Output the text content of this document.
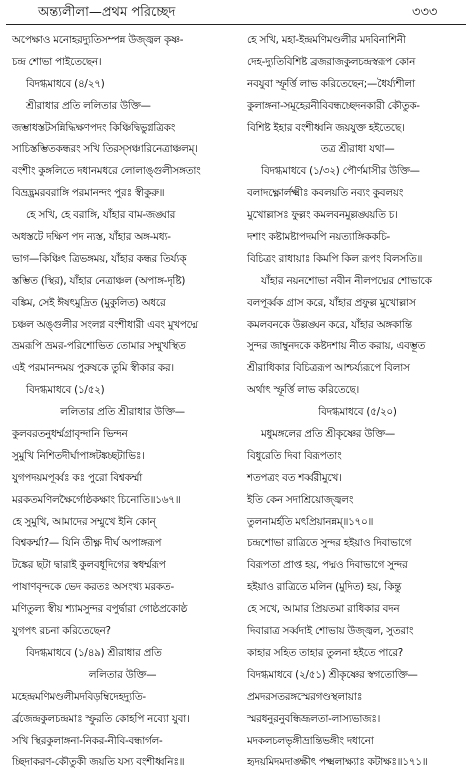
অন্ত্যলীলা—প্রথম পরিচ্ছেদ	৩৩৩
অপেক্ষাও মনোহরদ্যুতিসম্পন্ন উজ্জ্বল কৃষ্ণ-
চন্দ্র শোভা পাইতেছেন।
বিদগ্ধমাধবে (৪/২৭)
শ্রীরাধার প্রতি ললিতার উক্তি—
জম্ভাধস্তটসন্নিদ্ধিক্ষণপদং কিঞ্চিদ্বিভুগ্নত্রিকং
সাচিস্তম্ভিতকন্ধরং সখি তিরস্সঞ্চারিনেত্রাঞ্চলম্।
বংশীং কুঙ্গলিতে দধানমধরে লোলাঙ্গুলীসঙ্গতাং
বিভ্রদ্ভ্রমরবরাঙ্গি পরমানন্দং পুরঃ স্বীকুরু॥
হে সখি, হে বরাঙ্গি, যাঁহার বাম-জঙ্ঘার
অধস্তটে দক্ষিণ পদ ন্যস্ত, যাঁহার অঙ্গ-মধ্য-
ভাগ—কিঞ্চিৎ ত্রিভঙ্গময়, যাঁহার কন্ধর তির্য্যক্
স্তম্ভিত (স্থির), যাঁহার নেত্রাঞ্চল (অপাঙ্গ-দৃষ্টি)
বঙ্কিম, সেই ঈষৎমুদ্রিত (মুকুলিত) অধরে
চঞ্চল অঙ্গুলীর সংলগ্ন বংশীধারী এবং মুখপদ্মে
ভ্রমরূপি ভ্রমর-পরিশোভিত তোমার সম্মুখস্থিত
এই পরমানন্দময় পুরুষকে তুমি স্বীকার কর।
বিদগ্ধমাধবে (১/৫২)
ললিতার প্রতি শ্রীরাধার উক্তি—
কুলবরতনুধর্ম্মগ্রাবৃন্দানি ভিন্দন
সুমুখি নিশিতদীর্ঘাপাঙ্গটঙ্কচ্ছটাভিঃ।
যুগপদয়মপূর্ব্বঃ কঃ পুরো বিশ্বকর্ম্মা
মরকতমণিলক্ষৈর্গোষ্ঠকক্ষাং চিনোতি॥১৬৭॥
হে সুমুখি, আমাদের সম্মুখে ইনি কোন্
বিশ্বকর্ম্মা?— যিনি তীক্ষ্ণ দীর্ঘ অপাঙ্গরূপ
টঙ্কের ছটা দ্বারাই কুলবধূদিগের স্বধর্ম্মরূপ
পাষাণবৃন্দকে ভেদ করতঃ অসংখ্য মরকত-
মণিতুল্য স্বীয় শ্যামসুন্দর বপুর্দ্বারা গোষ্ঠপ্রকোষ্ঠ
যুগপৎ রচনা করিতেছেন?
বিদগ্ধমাধবে (১/৪৯) শ্রীরাধার প্রতি
ললিতার উক্তি—
মহেন্দ্রমণিমণ্ডলীমদবিড়ম্বিদেহদ্যুতি-
র্ব্রজেন্দ্রকুলচন্দ্রমাঃ স্ফুরতি কোহপি নব্যো যুবা।
সখি স্থিরকুলাঙ্গনা-নিকর-নীবি-বন্ধার্গল-
চ্ছিদাকরণ-কৌতুকী জয়তি যস্য বংশীধ্বনিঃ॥
হে সখি, মহা-ইন্দ্রমণিমণ্ডলীর মদবিনাশিনী
দেহ-দ্যুতিবিশিষ্ট ব্রজরাজকুলচন্দ্রস্বরূপ কোন
নবযুবা স্ফূর্ত্তি লাভ করিতেছেন;—ধৈর্য্যশীলা
কুলাঙ্গনা-সমূহেরনীবিবন্ধচ্ছেদনকারী কৌতুক-
বিশিষ্ট ইহার বংশীধ্বনি জয়যুক্ত হইতেছে।
তত্র শ্রীরাধা যথা—
বিদগ্ধমাধবে (১/৩২) পৌর্ণমাসীর উক্তি—
বলাদক্ষ্ণোর্লক্ষ্মীঃ কবলয়তি নব্যং কুবলয়ং
মুখোল্লাসঃ ফুল্লং কমলবনমুল্লঙ্ঘয়তি চ।
দশাং কষ্টামষ্টাপদমপি নয়ত্যাঙ্গিককচি-
বিচিত্রং রাধায়াঃ কিমপি কিল রূপং বিলসতি॥
যাঁহার নয়নশোভা নবীন নীলপদ্মের শোভাকে
বলপূর্ব্বক গ্রাস করে, যাঁহার প্রফুল্ল মুখোল্লাস
কমলবনকে উল্লঙ্ঘন করে, যাঁহার অঙ্গকান্তি
সুন্দর জাম্বুনদকে কষ্টদশায় নীত করায়, এবম্ভূত
শ্রীরাধিকার বিচিত্ররূপ আশ্চর্য্যরূপে বিলাস
অর্থাৎ স্ফূর্ত্তি লাভ করিতেছে।
বিদগ্ধমাধবে (৫/২০)
মধুমঙ্গলের প্রতি শ্রীকৃষ্ণের উক্তি—
বিধুরেতি দিবা বিরূপতাং
শতপত্রং বত শর্ব্বরীমুখে।
ইতি কেন সদাশ্রিয়োজ্জ্বলং
তুলনামর্হতি মৎপ্রিয়ানন্নম্॥১৭০॥
চন্দ্রশোভা রাত্রিতে সুন্দর হইয়াও দিবাভাগে
বিরূপতা প্রাপ্ত হয়, পদ্মও দিবাভাগে সুন্দর
হইয়াও রাত্রিতে মলিন (মুদিত) হয়, কিন্তু
হে সখে, আমার প্রিয়তমা রাধিকার বদন
দিবারাত্র সর্ব্বদাই শোভায় উজ্জ্বল, সুতরাং
কাহার সহিত তাহার তুলনা হইতে পারে?
বিদগ্ধমাধবে (২/৫১) শ্রীকৃষ্ণের স্বগতোক্তি—
প্রমদরসতরঙ্গস্মেরগণ্ডস্থলায়াঃ
স্মরধনুরনুবন্ধিভ্রূলতা-লাস্যভাজঃ।
মদকলচলভৃঙ্গীভ্রান্তিভঙ্গীং দধানো
হৃদয়মিদমদাঙ্ক্ষীৎ পক্ষ্মলাক্ষ্যাঃ কটাক্ষঃ॥১৭১॥
